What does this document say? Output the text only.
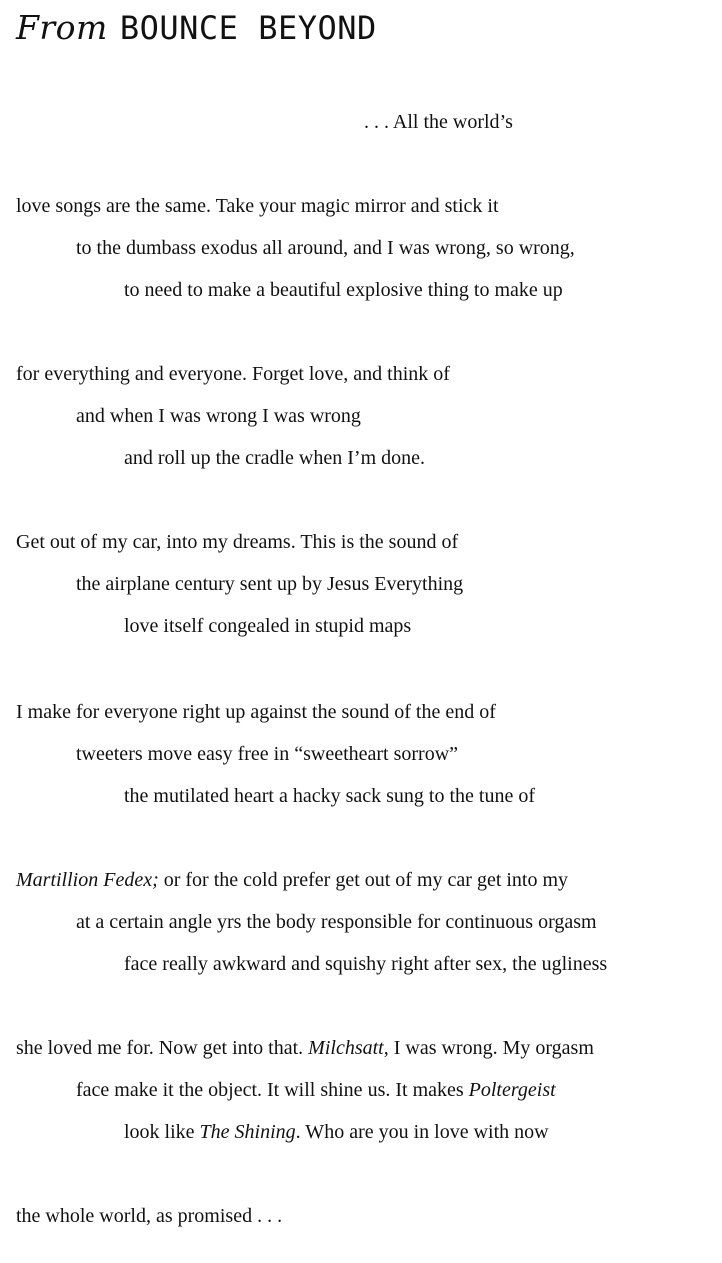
From BOUNCE BEYOND
. . . All the world’s
love songs are the same. Take your magic mirror and stick it
to the dumbass exodus all around, and I was wrong, so wrong,
to need to make a beautiful explosive thing to make up
for everything and everyone. Forget love, and think of
and when I was wrong I was wrong
and roll up the cradle when I’m done.
Get out of my car, into my dreams. This is the sound of
the airplane century sent up by Jesus Everything
love itself congealed in stupid maps
I make for everyone right up against the sound of the end of
tweeters move easy free in “sweetheart sorrow”
the mutilated heart a hacky sack sung to the tune of
Martillion Fedex; or for the cold prefer get out of my car get into my
at a certain angle yrs the body responsible for continuous orgasm
face really awkward and squishy right after sex, the ugliness
she loved me for. Now get into that. Milchsatt, I was wrong. My orgasm
face make it the object. It will shine us. It makes Poltergeist
look like The Shining. Who are you in love with now
the whole world, as promised . . .
